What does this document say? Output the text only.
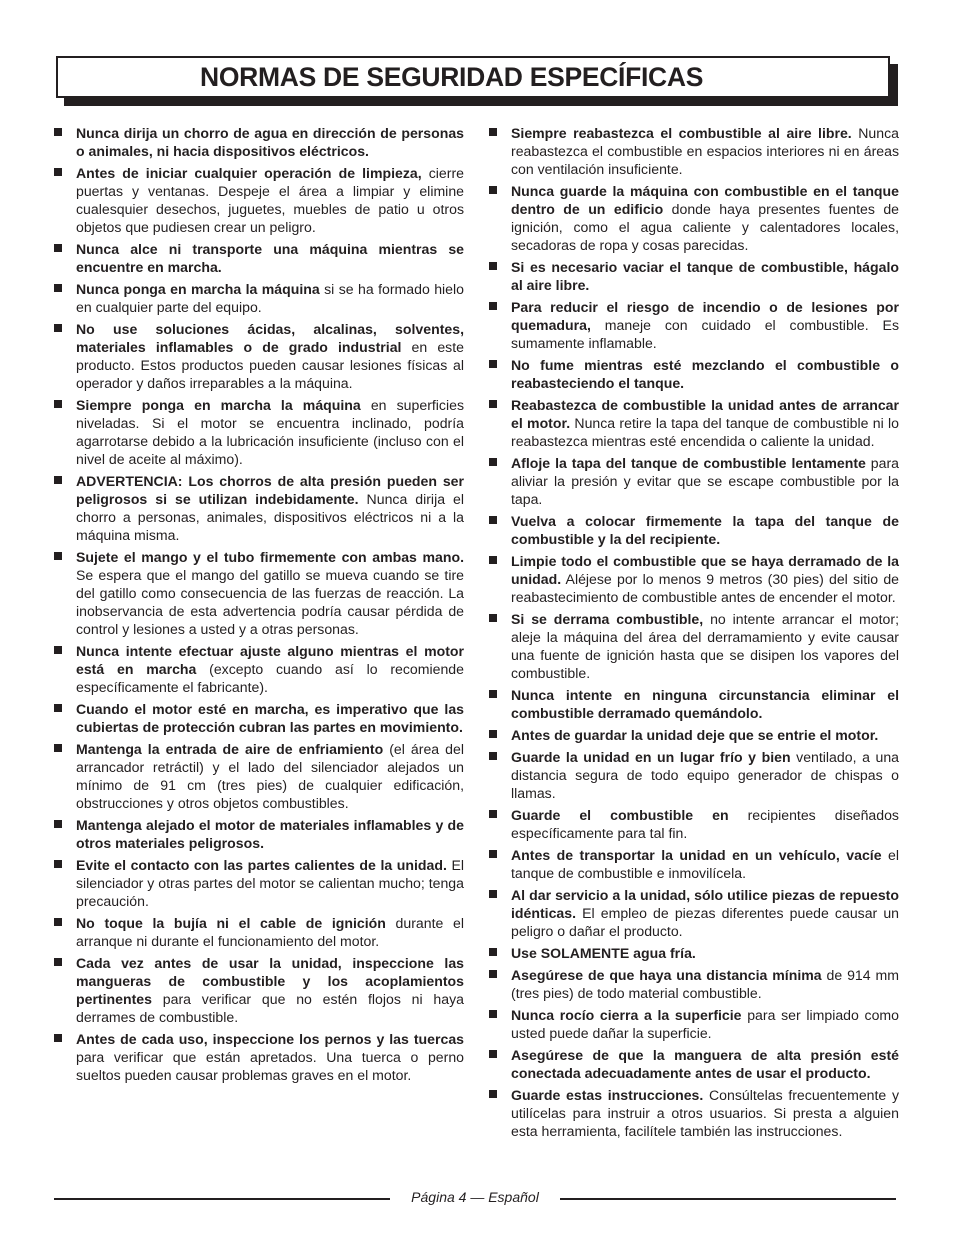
NORMAS DE SEGURIDAD ESPECÍFICAS
Nunca dirija un chorro de agua en dirección de personas o animales, ni hacia dispositivos eléctricos.
Antes de iniciar cualquier operación de limpieza, cierre puertas y ventanas. Despeje el área a limpiar y elimine cualesquier desechos, juguetes, muebles de patio u otros objetos que pudiesen crear un peligro.
Nunca alce ni transporte una máquina mientras se encuentre en marcha.
Nunca ponga en marcha la máquina si se ha formado hielo en cualquier parte del equipo.
No use soluciones ácidas, alcalinas, solventes, materiales inflamables o de grado industrial en este producto. Estos productos pueden causar lesiones físicas al operador y daños irreparables a la máquina.
Siempre ponga en marcha la máquina en superficies niveladas. Si el motor se encuentra inclinado, podría agarrotarse debido a la lubricación insuficiente (incluso con el nivel de aceite al máximo).
ADVERTENCIA: Los chorros de alta presión pueden ser peligrosos si se utilizan indebidamente. Nunca dirija el chorro a personas, animales, dispositivos eléctricos ni a la máquina misma.
Sujete el mango y el tubo firmemente con ambas mano. Se espera que el mango del gatillo se mueva cuando se tire del gatillo como consecuencia de las fuerzas de reacción. La inobservancia de esta advertencia podría causar pérdida de control y lesiones a usted y a otras personas.
Nunca intente efectuar ajuste alguno mientras el motor está en marcha (excepto cuando así lo recomiende específicamente el fabricante).
Cuando el motor esté en marcha, es imperativo que las cubiertas de protección cubran las partes en movimiento.
Mantenga la entrada de aire de enfriamiento (el área del arrancador retráctil) y el lado del silenciador alejados un mínimo de 91 cm (tres pies) de cualquier edificación, obstrucciones y otros objetos combustibles.
Mantenga alejado el motor de materiales inflamables y de otros materiales peligrosos.
Evite el contacto con las partes calientes de la unidad. El silenciador y otras partes del motor se calientan mucho; tenga precaución.
No toque la bujía ni el cable de ignición durante el arranque ni durante el funcionamiento del motor.
Cada vez antes de usar la unidad, inspeccione las mangueras de combustible y los acoplamientos pertinentes para verificar que no estén flojos ni haya derrames de combustible.
Antes de cada uso, inspeccione los pernos y las tuercas para verificar que están apretados. Una tuerca o perno sueltos pueden causar problemas graves en el motor.
Siempre reabastezca el combustible al aire libre. Nunca reabastezca el combustible en espacios interiores ni en áreas con ventilación insuficiente.
Nunca guarde la máquina con combustible en el tanque dentro de un edificio donde haya presentes fuentes de ignición, como el agua caliente y calentadores locales, secadoras de ropa y cosas parecidas.
Si es necesario vaciar el tanque de combustible, hágalo al aire libre.
Para reducir el riesgo de incendio o de lesiones por quemadura, maneje con cuidado el combustible. Es sumamente inflamable.
No fume mientras esté mezclando el combustible o reabasteciendo el tanque.
Reabastezca de combustible la unidad antes de arrancar el motor. Nunca retire la tapa del tanque de combustible ni lo reabastezca mientras esté encendida o caliente la unidad.
Afloje la tapa del tanque de combustible lentamente para aliviar la presión y evitar que se escape combustible por la tapa.
Vuelva a colocar firmemente la tapa del tanque de combustible y la del recipiente.
Limpie todo el combustible que se haya derramado de la unidad. Aléjese por lo menos 9 metros (30 pies) del sitio de reabastecimiento de combustible antes de encender el motor.
Si se derrama combustible, no intente arrancar el motor; aleje la máquina del área del derramamiento y evite causar una fuente de ignición hasta que se disipen los vapores del combustible.
Nunca intente en ninguna circunstancia eliminar el combustible derramado quemándolo.
Antes de guardar la unidad deje que se entrie el motor.
Guarde la unidad en un lugar frío y bien ventilado, a una distancia segura de todo equipo generador de chispas o llamas.
Guarde el combustible en recipientes diseñados específicamente para tal fin.
Antes de transportar la unidad en un vehículo, vacíe el tanque de combustible e inmovilícela.
Al dar servicio a la unidad, sólo utilice piezas de repuesto idénticas. El empleo de piezas diferentes puede causar un peligro o dañar el producto.
Use SOLAMENTE agua fría.
Asegúrese de que haya una distancia mínima de 914 mm (tres pies) de todo material combustible.
Nunca rocío cierra a la superficie para ser limpiado como usted puede dañar la superficie.
Asegúrese de que la manguera de alta presión esté conectada adecuadamente antes de usar el producto.
Guarde estas instrucciones. Consúltelas frecuentemente y utilícelas para instruir a otros usuarios. Si presta a alguien esta herramienta, facilítele también las instrucciones.
Página 4 — Español
